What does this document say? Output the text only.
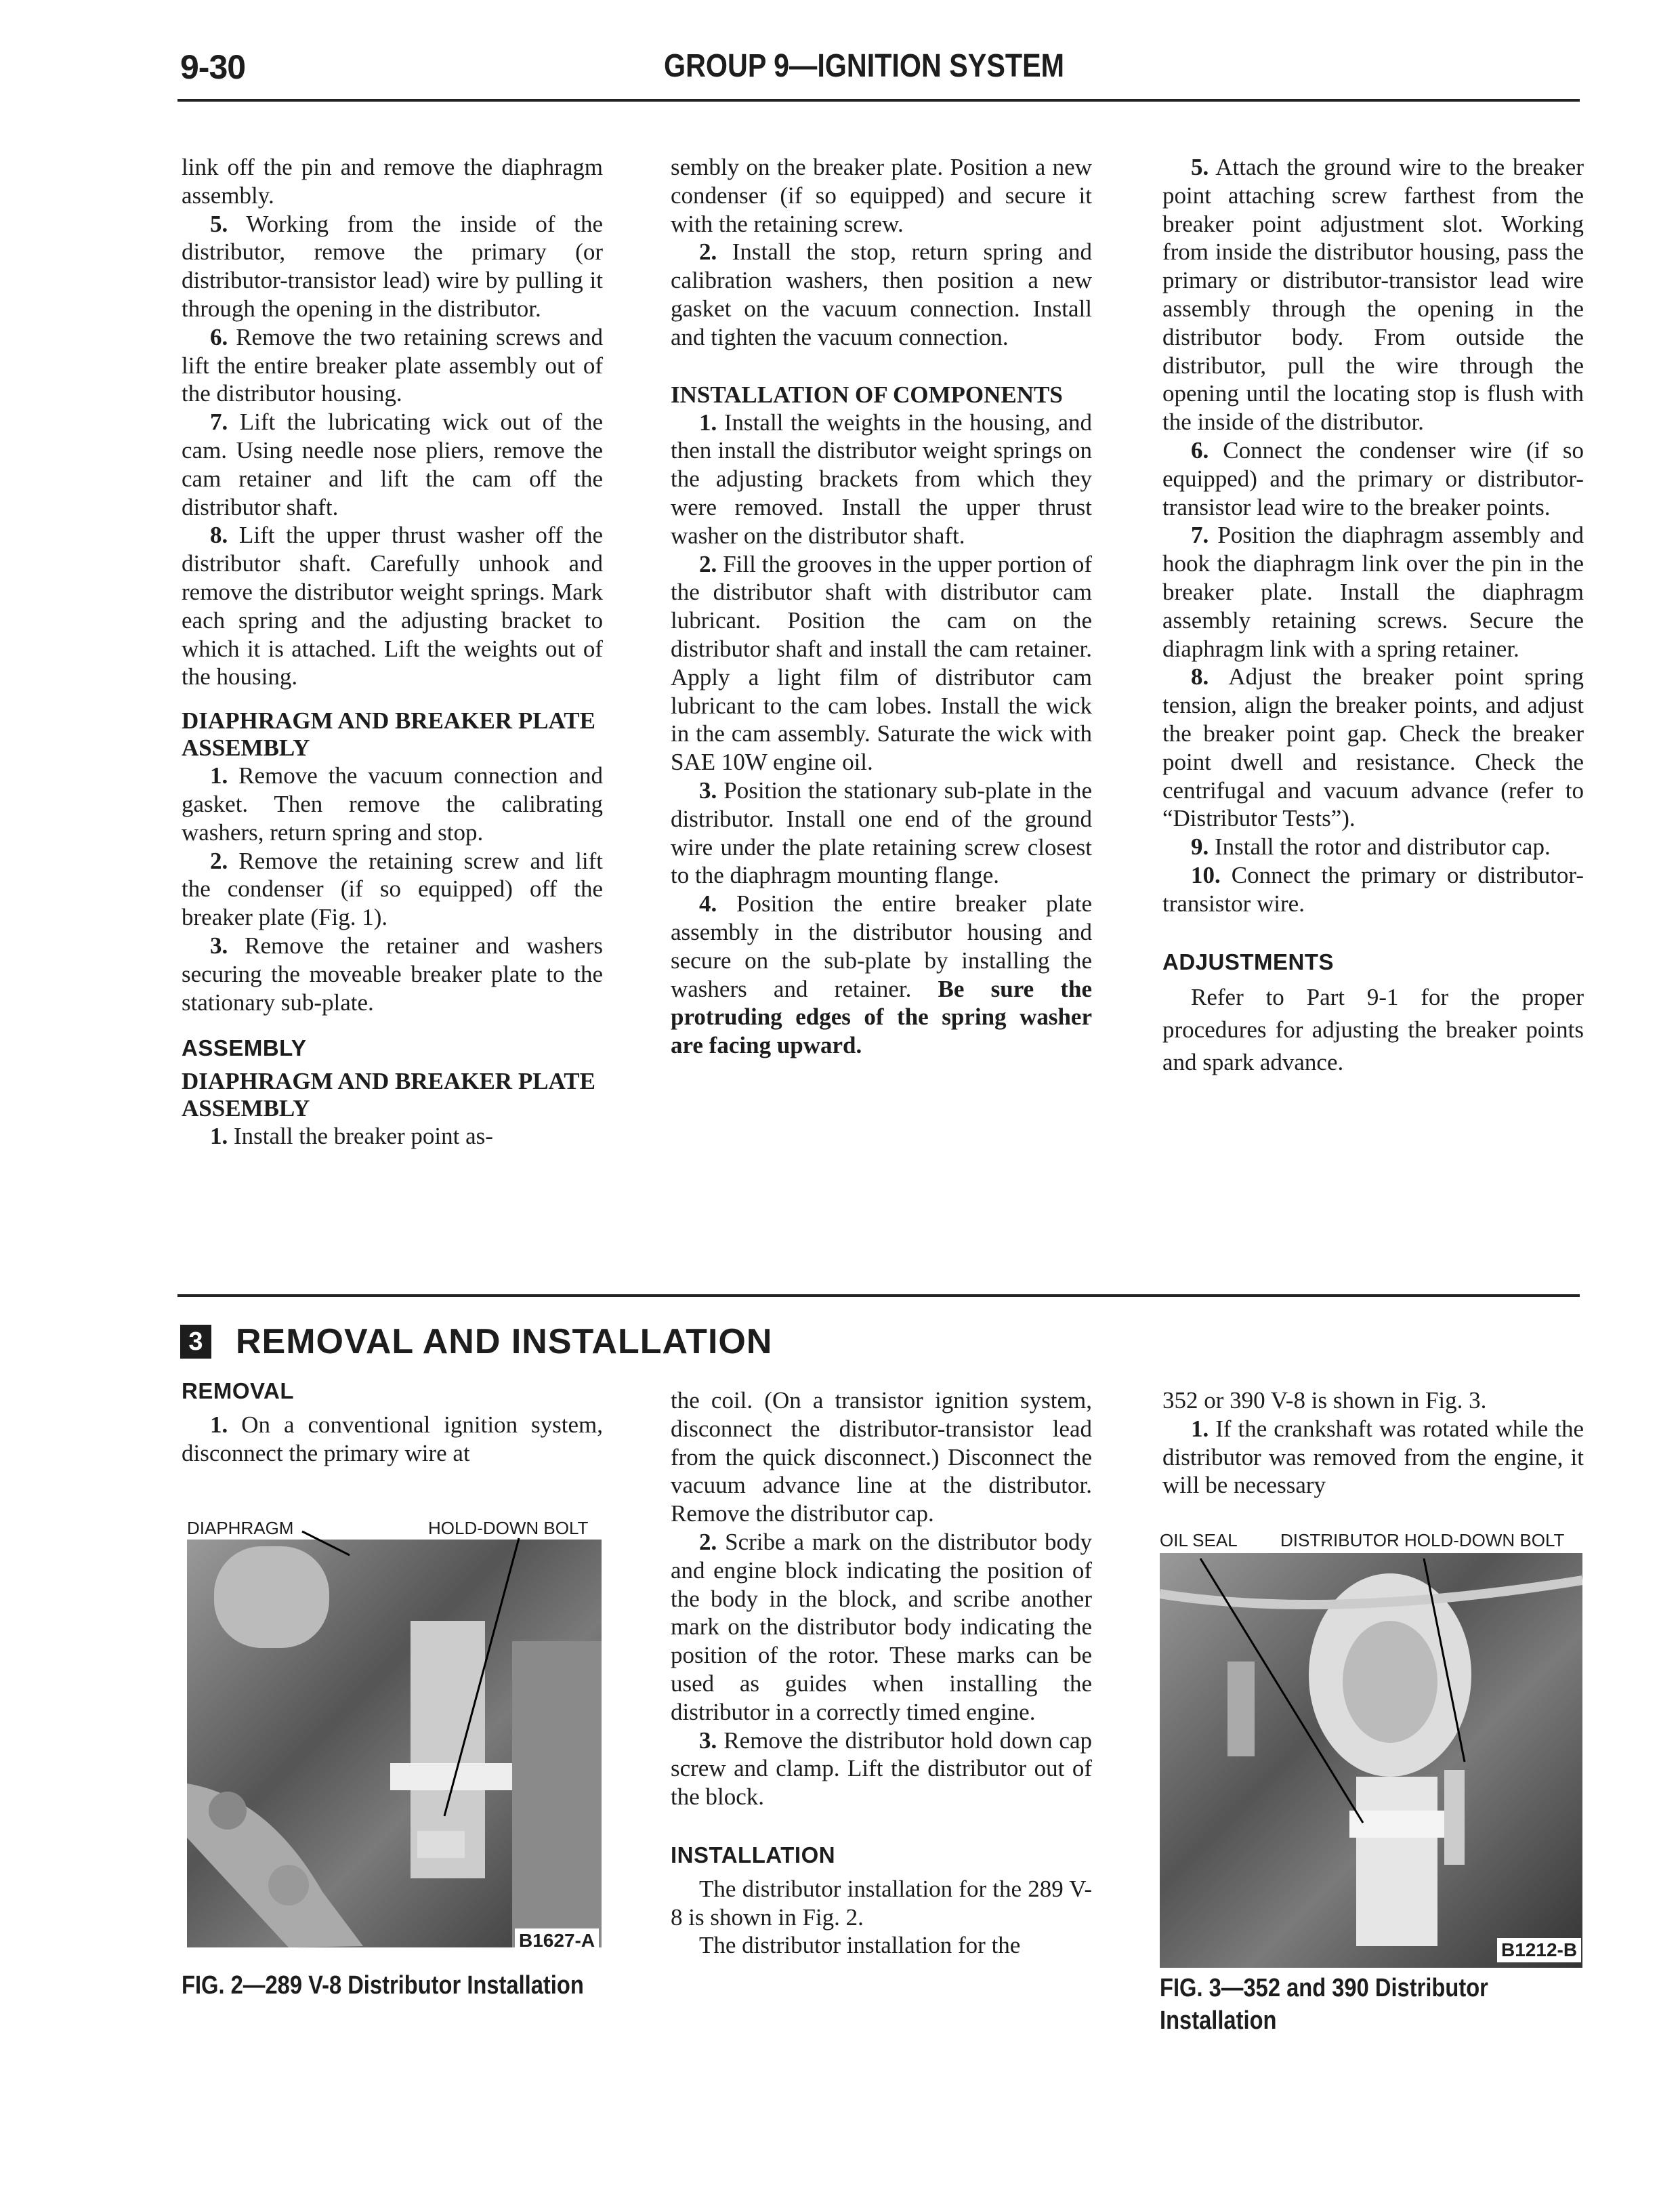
9-30	GROUP 9—IGNITION SYSTEM

link off the pin and remove the diaphragm assembly.

5. Working from the inside of the distributor, remove the primary (or distributor-transistor lead) wire by pulling it through the opening in the distributor.

6. Remove the two retaining screws and lift the entire breaker plate assembly out of the distributor housing.

7. Lift the lubricating wick out of the cam. Using needle nose pliers, remove the cam retainer and lift the cam off the distributor shaft.

8. Lift the upper thrust washer off the distributor shaft. Carefully unhook and remove the distributor weight springs. Mark each spring and the adjusting bracket to which it is attached. Lift the weights out of the housing.

DIAPHRAGM AND BREAKER PLATE ASSEMBLY

1. Remove the vacuum connection and gasket. Then remove the calibrating washers, return spring and stop.

2. Remove the retaining screw and lift the condenser (if so equipped) off the breaker plate (Fig. 1).

3. Remove the retainer and washers securing the moveable breaker plate to the stationary sub-plate.

ASSEMBLY
DIAPHRAGM AND BREAKER PLATE ASSEMBLY

1. Install the breaker point as-

sembly on the breaker plate. Position a new condenser (if so equipped) and secure it with the retaining screw.

2. Install the stop, return spring and calibration washers, then position a new gasket on the vacuum connection. Install and tighten the vacuum connection.

INSTALLATION OF COMPONENTS

1. Install the weights in the housing, and then install the distributor weight springs on the adjusting brackets from which they were removed. Install the upper thrust washer on the distributor shaft.

2. Fill the grooves in the upper portion of the distributor shaft with distributor cam lubricant. Position the cam on the distributor shaft and install the cam retainer. Apply a light film of distributor cam lubricant to the cam lobes. Install the wick in the cam assembly. Saturate the wick with SAE 10W engine oil.

3. Position the stationary sub-plate in the distributor. Install one end of the ground wire under the plate retaining screw closest to the diaphragm mounting flange.

4. Position the entire breaker plate assembly in the distributor housing and secure on the sub-plate by installing the washers and retainer. Be sure the protruding edges of the spring washer are facing upward.

5. Attach the ground wire to the breaker point attaching screw farthest from the breaker point adjustment slot. Working from inside the distributor housing, pass the primary or distributor-transistor lead wire assembly through the opening in the distributor body. From outside the distributor, pull the wire through the opening until the locating stop is flush with the inside of the distributor.

6. Connect the condenser wire (if so equipped) and the primary or distributor-transistor lead wire to the breaker points.

7. Position the diaphragm assembly and hook the diaphragm link over the pin in the breaker plate. Install the diaphragm assembly retaining screws. Secure the diaphragm link with a spring retainer.

8. Adjust the breaker point spring tension, align the breaker points, and adjust the breaker point gap. Check the breaker point dwell and resistance. Check the centrifugal and vacuum advance (refer to “Distributor Tests”).

9. Install the rotor and distributor cap.

10. Connect the primary or distributor-transistor wire.

ADJUSTMENTS

Refer to Part 9-1 for the proper procedures for adjusting the breaker points and spark advance.

3 REMOVAL AND INSTALLATION
REMOVAL

1. On a conventional ignition system, disconnect the primary wire at

the coil. (On a transistor ignition system, disconnect the distributor-transistor lead from the quick disconnect.) Disconnect the vacuum advance line at the distributor. Remove the distributor cap.

2. Scribe a mark on the distributor body and engine block indicating the position of the body in the block, and scribe another mark on the distributor body indicating the position of the rotor. These marks can be used as guides when installing the distributor in a correctly timed engine.

3. Remove the distributor hold down cap screw and clamp. Lift the distributor out of the block.

INSTALLATION

The distributor installation for the 289 V-8 is shown in Fig. 2.

The distributor installation for the

352 or 390 V-8 is shown in Fig. 3.

1. If the crankshaft was rotated while the distributor was removed from the engine, it will be necessary

DIAPHRAGM	HOLD-DOWN BOLT
B1627-A
FIG. 2—289 V-8 Distributor Installation
OIL SEAL DISTRIBUTOR HOLD-DOWN BOLT
B1212-B
FIG. 3—352 and 390 Distributor Installation
